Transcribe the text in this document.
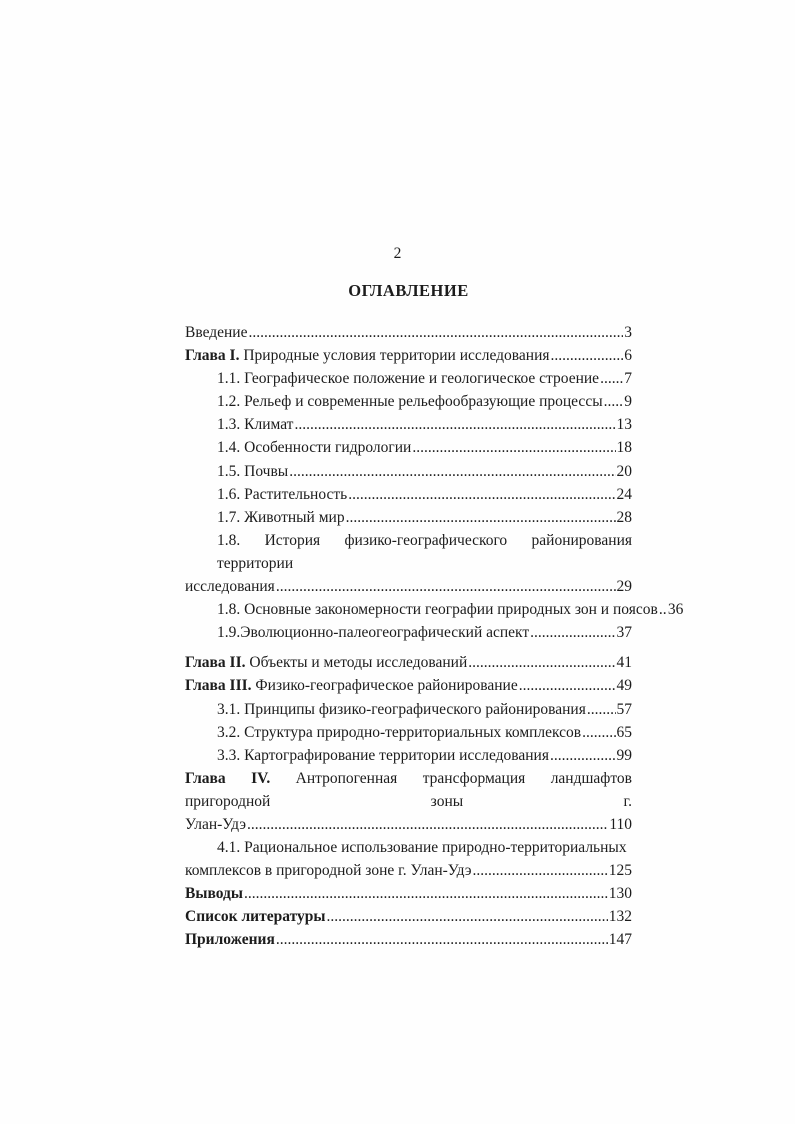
2
ОГЛАВЛЕНИЕ
Введение .....	3
Глава I. Природные условия территории исследования .....	6
1.1. Географическое положение и геологическое строение ..... 7
1.2. Рельеф и современные рельефообразующие процессы ..... 9
1.3. Климат .....	13
1.4. Особенности гидрологии .....	18
1.5. Почвы .....	20
1.6. Растительность .....	24
1.7. Животный мир .....	28
1.8. История физико-географического районирования территории
исследования .....	29
1.8. Основные закономерности географии природных зон и поясов ..... 36
1.9.Эволюционно-палеогеографический аспект .....	37
Глава II. Объекты и методы исследований .....	41
Глава III. Физико-географическое районирование .....	49
3.1. Принципы физико-географического районирования ..... 57
3.2. Структура природно-территориальных комплексов ..... 65
3.3. Картографирование территории исследования .....	99
Глава IV. Антропогенная трансформация ландшафтов пригородной зоны г.
Улан-Удэ .....	110
4.1. Рациональное использование природно-территориальных
комплексов в пригородной зоне г. Улан-Удэ .....	125
Выводы .....	130
Список литературы .....	132
Приложения .....	147
